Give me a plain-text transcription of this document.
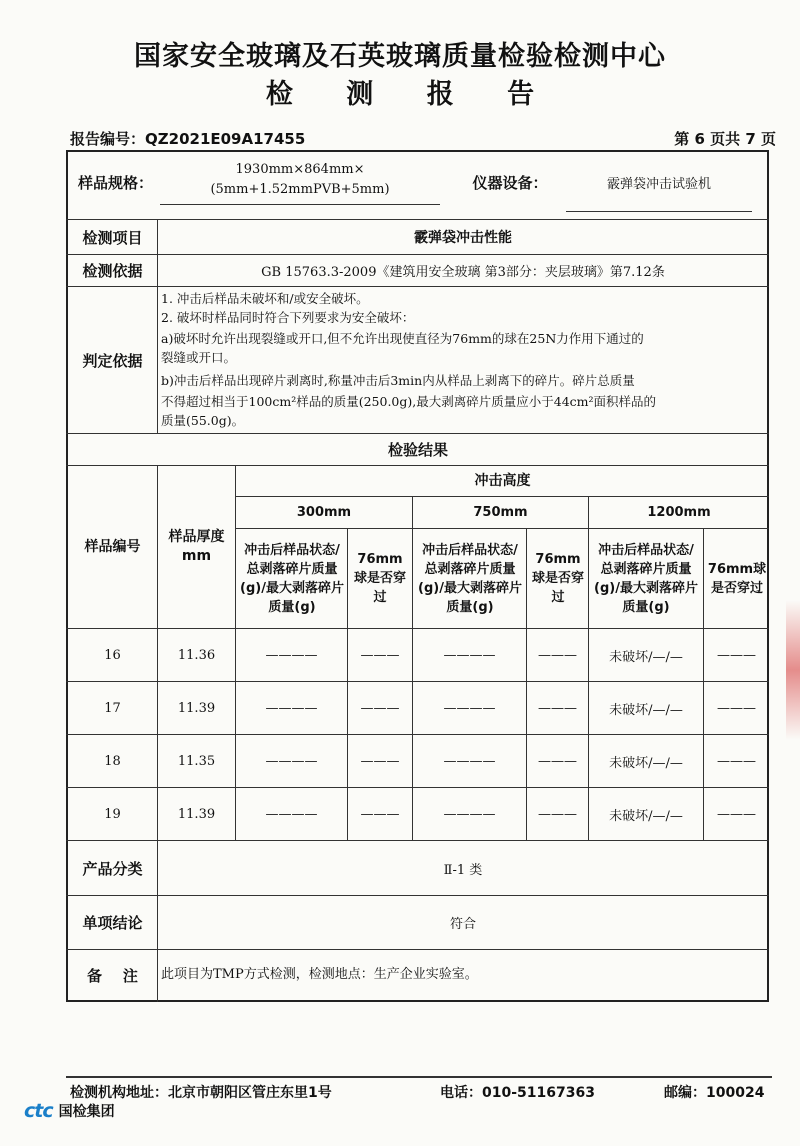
国家安全玻璃及石英玻璃质量检验检测中心
检 测 报 告
报告编号：QZ2021E09A17455	第 6 页共 7 页
样品规格：
1930mm×864mm×
(5mm+1.52mmPVB+5mm)	仪器设备：	霰弹袋冲击试验机
检测项目	霰弹袋冲击性能
检测依据	GB 15763.3-2009《建筑用安全玻璃 第3部分：夹层玻璃》第7.12条
判定依据
1. 冲击后样品未破坏和/或安全破坏。
2. 破坏时样品同时符合下列要求为安全破坏：
a)破坏时允许出现裂缝或开口,但不允许出现使直径为76mm的球在25N力作用下通过的
裂缝或开口。
b)冲击后样品出现碎片剥离时,称量冲击后3min内从样品上剥离下的碎片。碎片总质量
不得超过相当于100cm²样品的质量(250.0g),最大剥离碎片质量应小于44cm²面积样品的
质量(55.0g)。
检验结果
样品编号
样品厚度mm
冲击高度
300mm	750mm	1200mm
冲击后样品状态/总剥落碎片质量(g)/最大剥落碎片质量(g)
76mm球是否穿过
冲击后样品状态/总剥落碎片质量(g)/最大剥落碎片质量(g)
76mm球是否穿过
冲击后样品状态/总剥落碎片质量(g)/最大剥落碎片质量(g)
76mm球是否穿过
16	11.36	————	———	————	———	未破坏/—/—	———
17	11.39	————	———	————	———	未破坏/—/—	———
18	11.35	————	———	————	———	未破坏/—/—	———
19	11.39	————	———	————	———	未破坏/—/—	———
产品分类	Ⅱ-1 类
单项结论	符合
备    注	此项目为TMP方式检测，检测地点：生产企业实验室。
检测机构地址：北京市朝阳区管庄东里1号	电话：010-51167363	邮编：100024
ctc 国检集团
